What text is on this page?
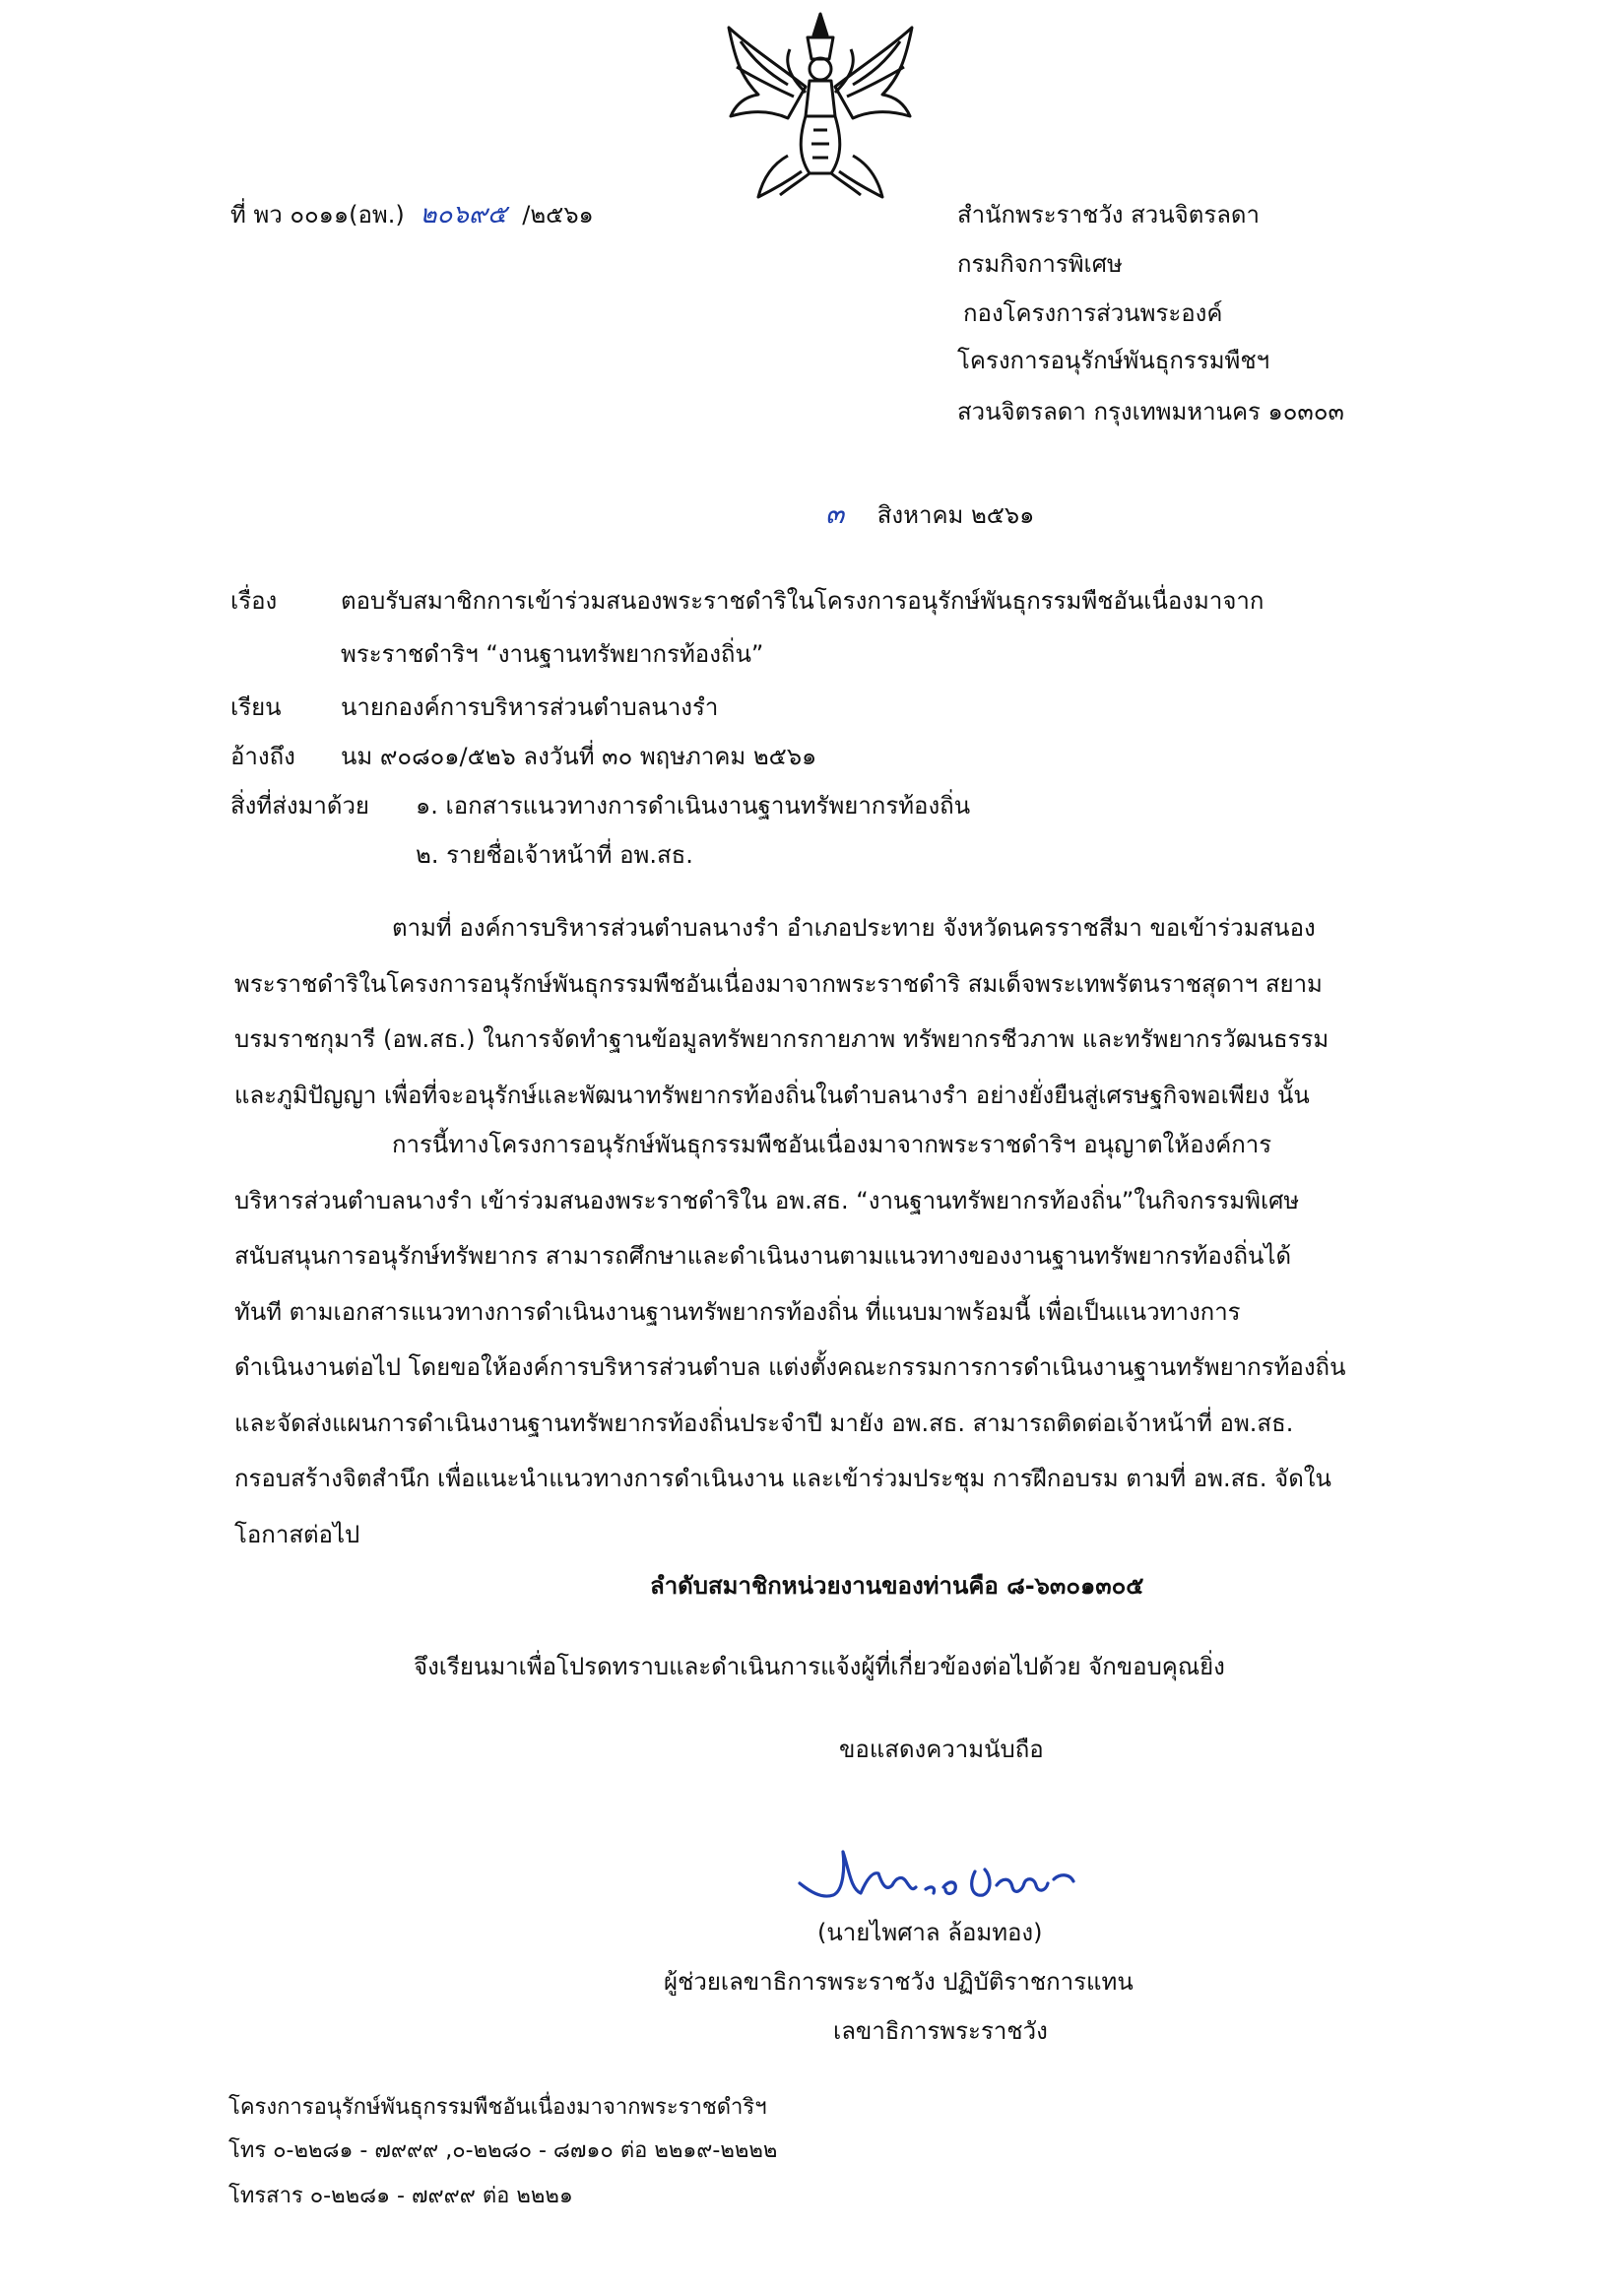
ที่ พว ๐๐๑๑(อพ.) ๒๐๖๙๕ /๒๕๖๑	สำนักพระราชวัง สวนจิตรลดา
กรมกิจการพิเศษ
กองโครงการส่วนพระองค์
โครงการอนุรักษ์พันธุกรรมพืชฯ
สวนจิตรลดา กรุงเทพมหานคร ๑๐๓๐๓
๓ สิงหาคม ๒๕๖๑
เรื่อง	ตอบรับสมาชิกการเข้าร่วมสนองพระราชดำริในโครงการอนุรักษ์พันธุกรรมพืชอันเนื่องมาจาก
พระราชดำริฯ “งานฐานทรัพยากรท้องถิ่น”
เรียน	นายกองค์การบริหารส่วนตำบลนางรำ
อ้างถึง นม ๙๐๘๐๑/๕๒๖ ลงวันที่ ๓๐ พฤษภาคม ๒๕๖๑
สิ่งที่ส่งมาด้วย ๑. เอกสารแนวทางการดำเนินงานฐานทรัพยากรท้องถิ่น
๒. รายชื่อเจ้าหน้าที่ อพ.สธ.
ตามที่ องค์การบริหารส่วนตำบลนางรำ อำเภอประทาย จังหวัดนครราชสีมา ขอเข้าร่วมสนอง
พระราชดำริในโครงการอนุรักษ์พันธุกรรมพืชอันเนื่องมาจากพระราชดำริ สมเด็จพระเทพรัตนราชสุดาฯ สยาม
บรมราชกุมารี (อพ.สธ.) ในการจัดทำฐานข้อมูลทรัพยากรกายภาพ ทรัพยากรชีวภาพ และทรัพยากรวัฒนธรรม
และภูมิปัญญา เพื่อที่จะอนุรักษ์และพัฒนาทรัพยากรท้องถิ่นในตำบลนางรำ อย่างยั่งยืนสู่เศรษฐกิจพอเพียง นั้น
การนี้ทางโครงการอนุรักษ์พันธุกรรมพืชอันเนื่องมาจากพระราชดำริฯ อนุญาตให้องค์การ
บริหารส่วนตำบลนางรำ เข้าร่วมสนองพระราชดำริใน อพ.สธ. “งานฐานทรัพยากรท้องถิ่น”ในกิจกรรมพิเศษ
สนับสนุนการอนุรักษ์ทรัพยากร สามารถศึกษาและดำเนินงานตามแนวทางของงานฐานทรัพยากรท้องถิ่นได้
ทันที ตามเอกสารแนวทางการดำเนินงานฐานทรัพยากรท้องถิ่น ที่แนบมาพร้อมนี้ เพื่อเป็นแนวทางการ
ดำเนินงานต่อไป โดยขอให้องค์การบริหารส่วนตำบล แต่งตั้งคณะกรรมการการดำเนินงานฐานทรัพยากรท้องถิ่น
และจัดส่งแผนการดำเนินงานฐานทรัพยากรท้องถิ่นประจำปี มายัง อพ.สธ. สามารถติดต่อเจ้าหน้าที่ อพ.สธ.
กรอบสร้างจิตสำนึก เพื่อแนะนำแนวทางการดำเนินงาน และเข้าร่วมประชุม การฝึกอบรม ตามที่ อพ.สธ. จัดใน
โอกาสต่อไป
ลำดับสมาชิกหน่วยงานของท่านคือ ๘-๖๓๐๑๓๐๕
จึงเรียนมาเพื่อโปรดทราบและดำเนินการแจ้งผู้ที่เกี่ยวข้องต่อไปด้วย จักขอบคุณยิ่ง
ขอแสดงความนับถือ
(นายไพศาล ล้อมทอง)
ผู้ช่วยเลขาธิการพระราชวัง ปฏิบัติราชการแทน
เลขาธิการพระราชวัง
โครงการอนุรักษ์พันธุกรรมพืชอันเนื่องมาจากพระราชดำริฯ
โทร ๐-๒๒๘๑ - ๗๙๙๙ ,๐-๒๒๘๐ - ๘๗๑๐ ต่อ ๒๒๑๙-๒๒๒๒
โทรสาร ๐-๒๒๘๑ - ๗๙๙๙ ต่อ ๒๒๒๑
